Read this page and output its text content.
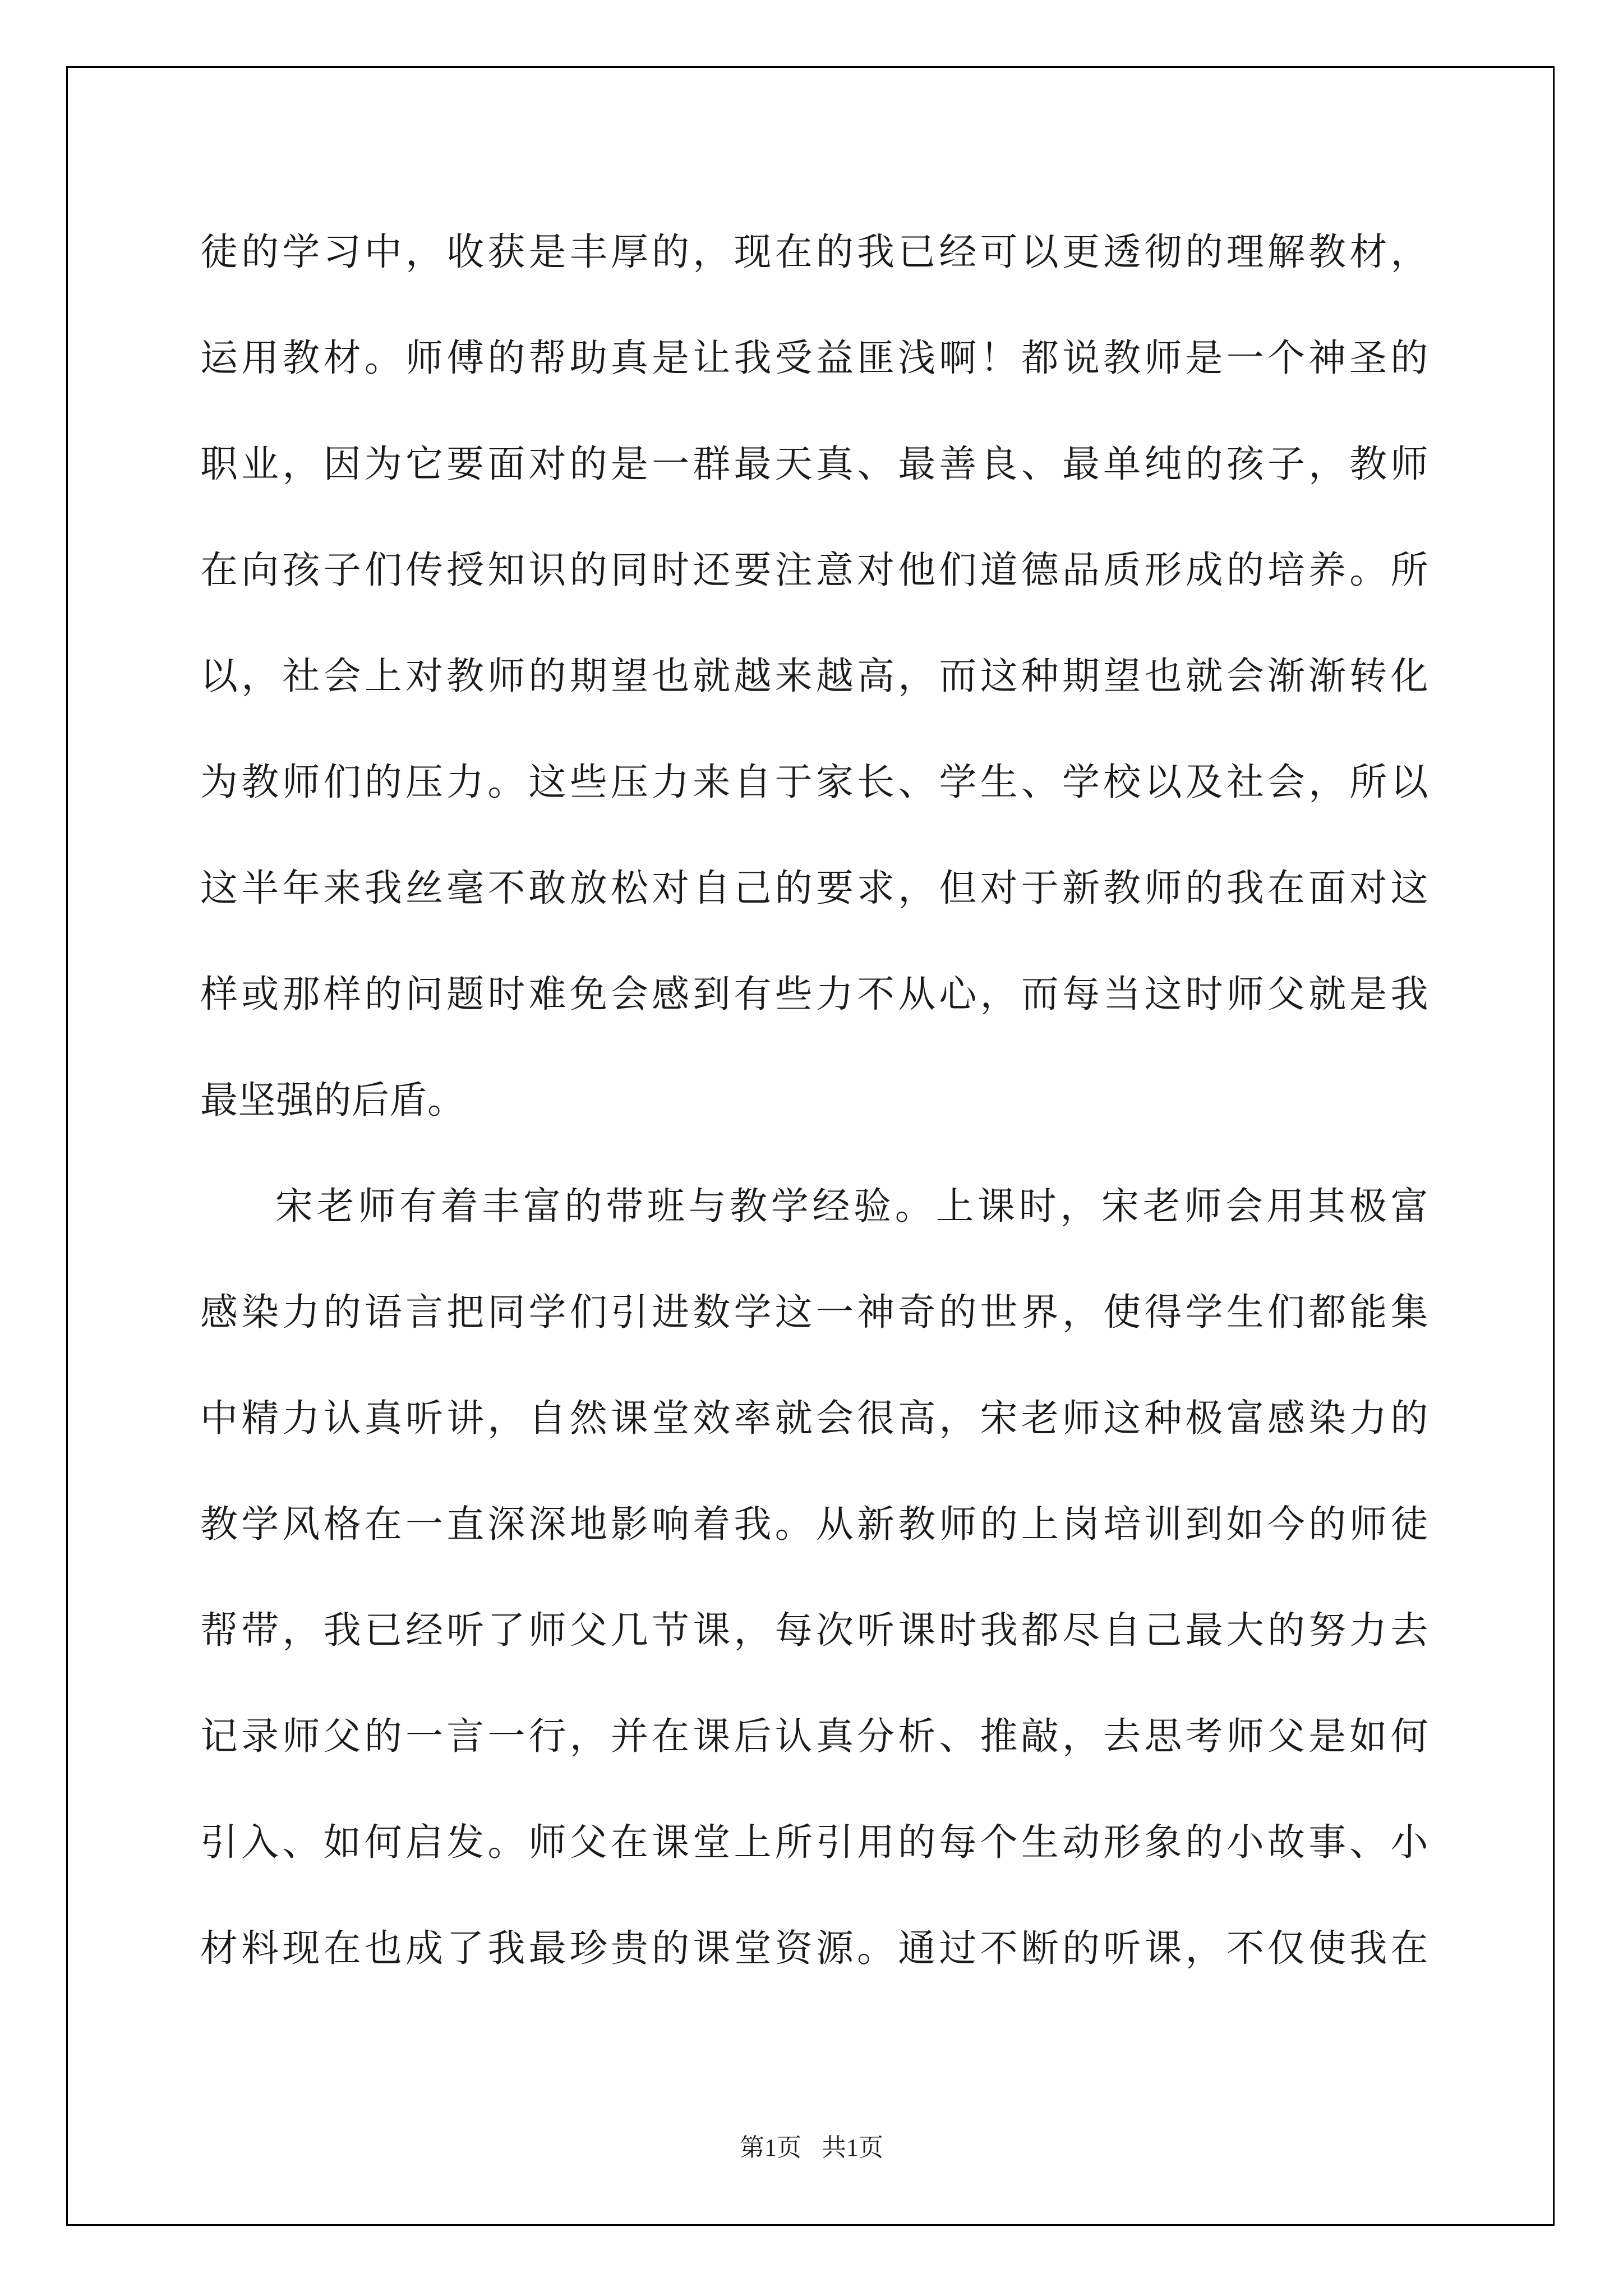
徒的学习中，收获是丰厚的，现在的我已经可以更透彻的理解教材，
运用教材。师傅的帮助真是让我受益匪浅啊！都说教师是一个神圣的
职业，因为它要面对的是一群最天真、最善良、最单纯的孩子，教师
在向孩子们传授知识的同时还要注意对他们道德品质形成的培养。所
以，社会上对教师的期望也就越来越高，而这种期望也就会渐渐转化
为教师们的压力。这些压力来自于家长、学生、学校以及社会，所以
这半年来我丝毫不敢放松对自己的要求，但对于新教师的我在面对这
样或那样的问题时难免会感到有些力不从心，而每当这时师父就是我
最坚强的后盾。
宋老师有着丰富的带班与教学经验。上课时，宋老师会用其极富
感染力的语言把同学们引进数学这一神奇的世界，使得学生们都能集
中精力认真听讲，自然课堂效率就会很高，宋老师这种极富感染力的
教学风格在一直深深地影响着我。从新教师的上岗培训到如今的师徒
帮带，我已经听了师父几节课，每次听课时我都尽自己最大的努力去
记录师父的一言一行，并在课后认真分析、推敲，去思考师父是如何
引入、如何启发。师父在课堂上所引用的每个生动形象的小故事、小
材料现在也成了我最珍贵的课堂资源。通过不断的听课，不仅使我在
第1页 共1页
